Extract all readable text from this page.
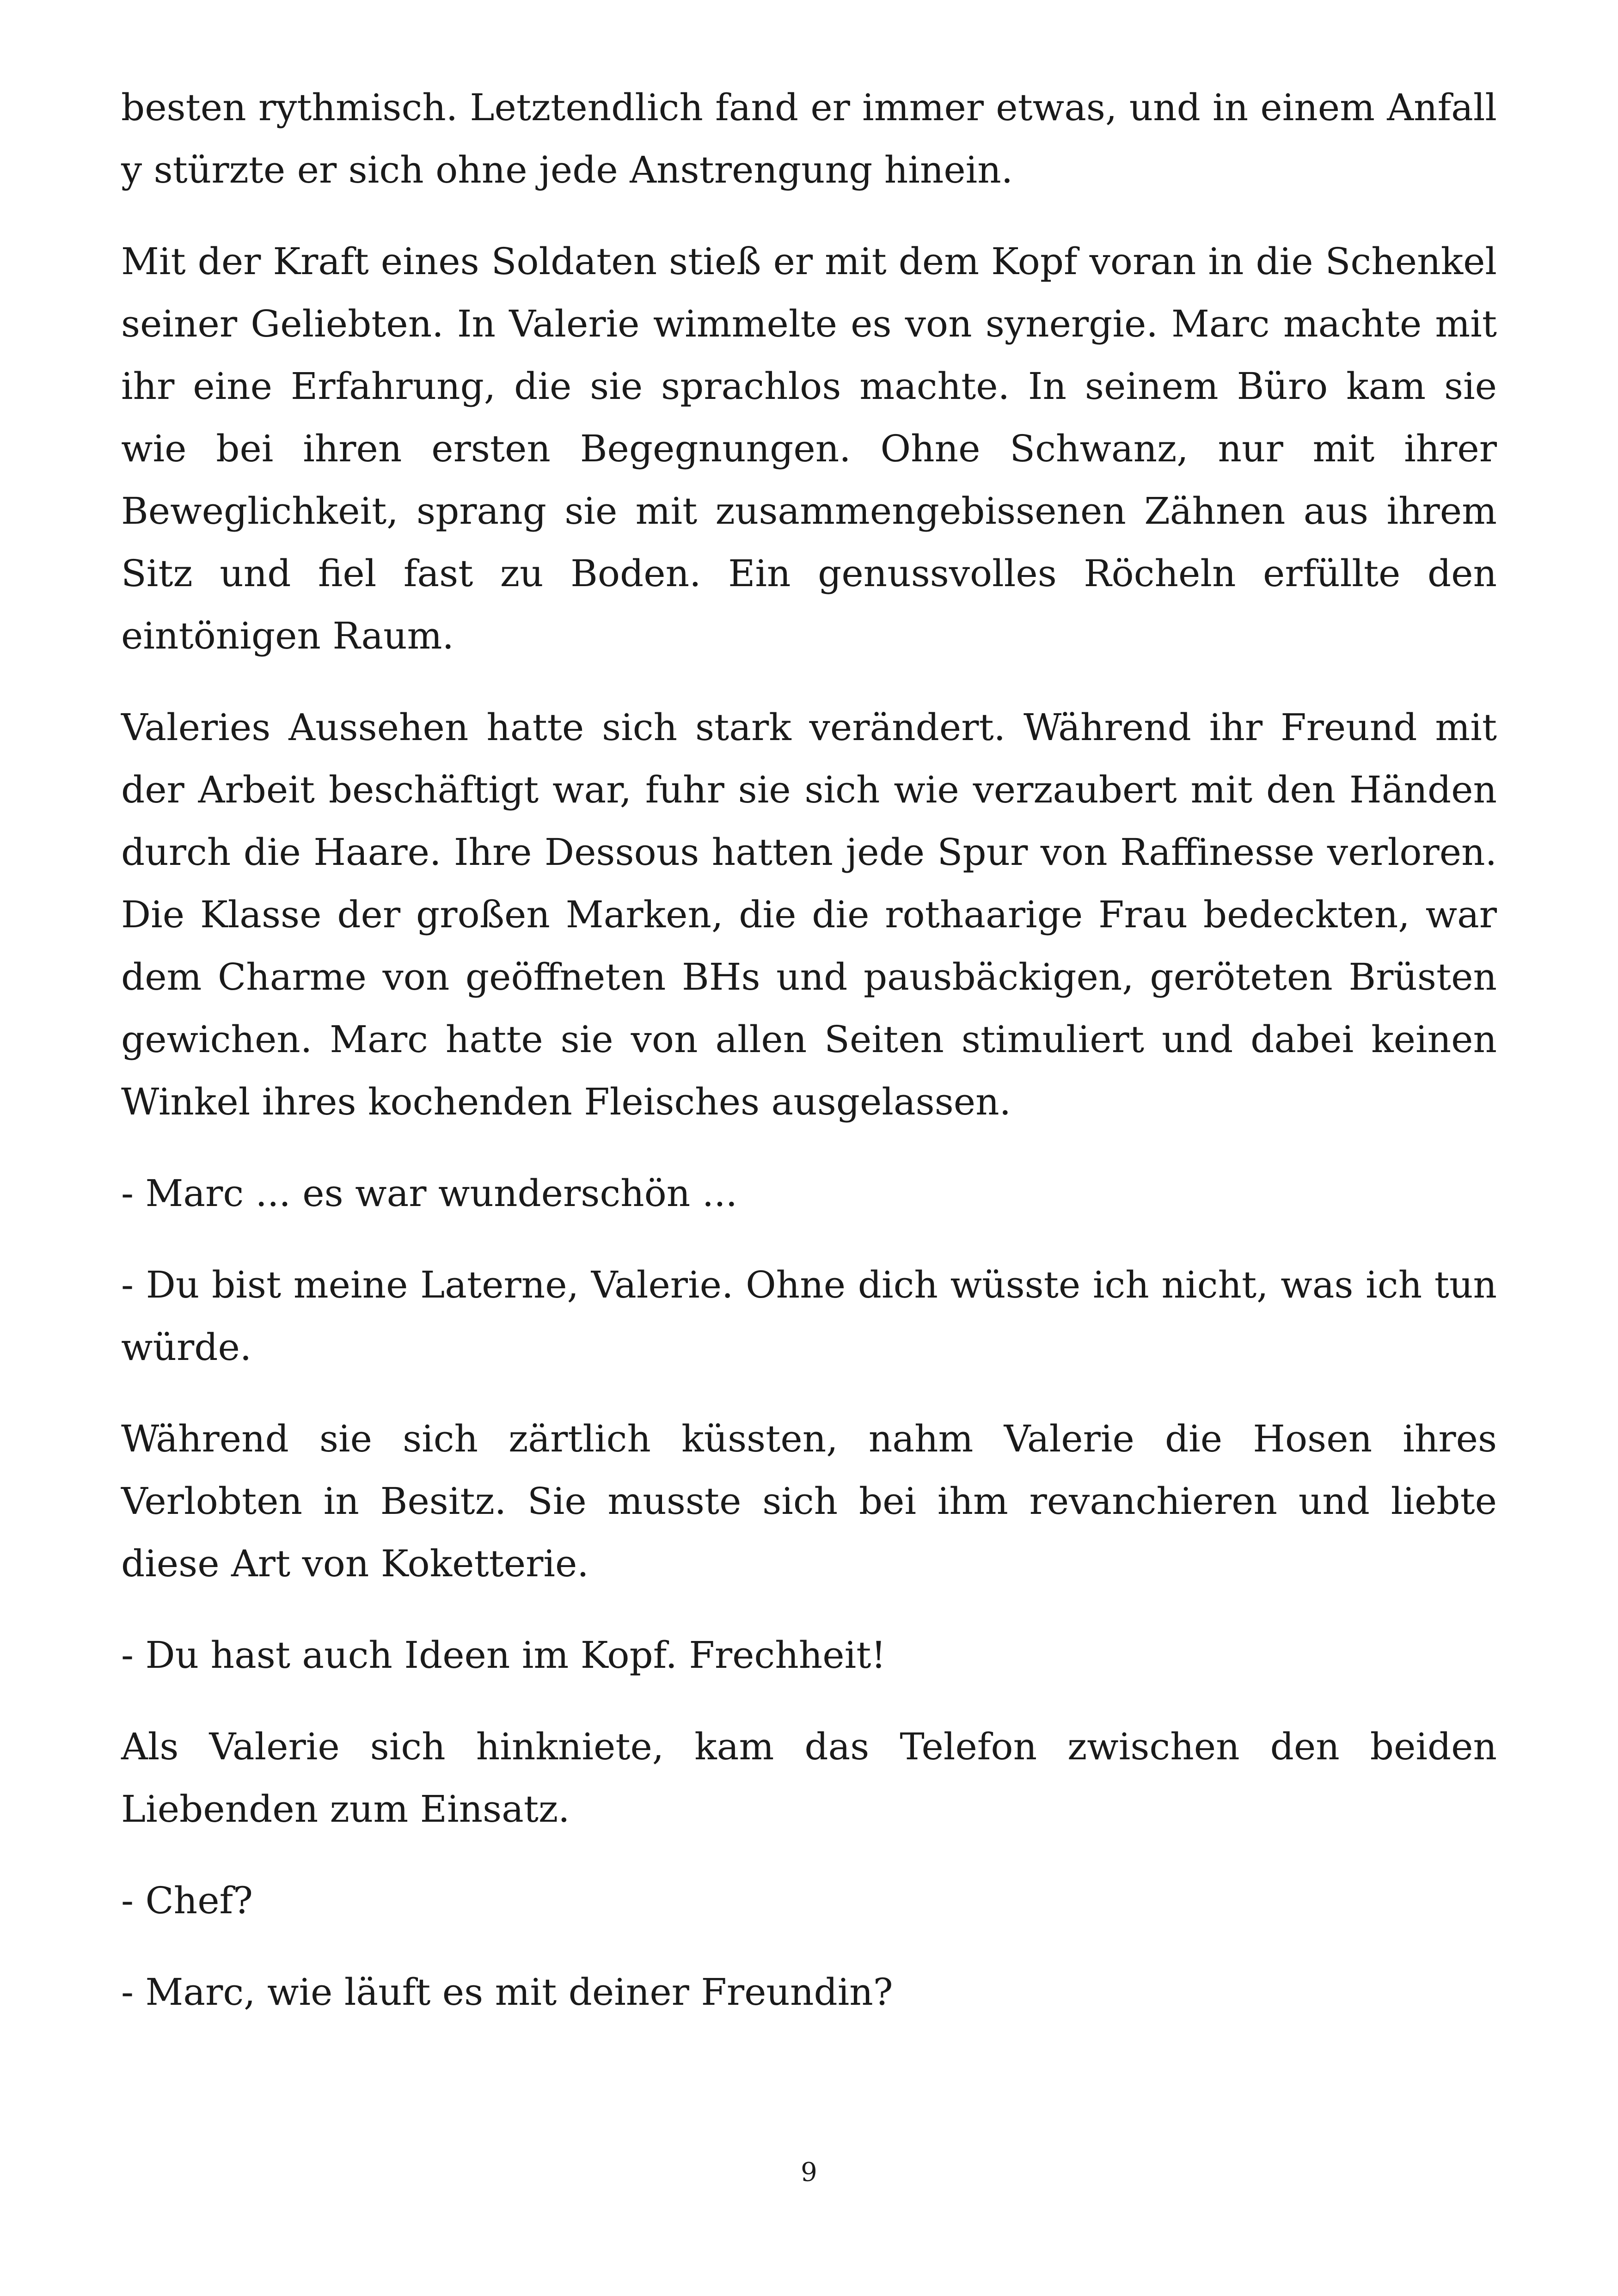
besten rythmisch. Letztendlich fand er immer etwas, und in einem Anfall y stürzte er sich ohne jede Anstrengung hinein.

Mit der Kraft eines Soldaten stieß er mit dem Kopf voran in die Schenkel seiner Geliebten. In Valerie wimmelte es von synergie. Marc machte mit ihr eine Erfahrung, die sie sprachlos machte. In seinem Büro kam sie wie bei ihren ersten Begegnungen. Ohne Schwanz, nur mit ihrer Beweglichkeit, sprang sie mit zusammengebissenen Zähnen aus ihrem Sitz und fiel fast zu Boden. Ein genussvolles Röcheln erfüllte den eintönigen Raum.

Valeries Aussehen hatte sich stark verändert. Während ihr Freund mit der Arbeit beschäftigt war, fuhr sie sich wie verzaubert mit den Händen durch die Haare. Ihre Dessous hatten jede Spur von Raffinesse verloren. Die Klasse der großen Marken, die die rothaarige Frau bedeckten, war dem Charme von geöffneten BHs und pausbäckigen, geröteten Brüsten gewichen. Marc hatte sie von allen Seiten stimuliert und dabei keinen Winkel ihres kochenden Fleisches ausgelassen.

- Marc ... es war wunderschön ...

- Du bist meine Laterne, Valerie. Ohne dich wüsste ich nicht, was ich tun würde.

Während sie sich zärtlich küssten, nahm Valerie die Hosen ihres Verlobten in Besitz. Sie musste sich bei ihm revanchieren und liebte diese Art von Koketterie.

- Du hast auch Ideen im Kopf. Frechheit!

Als Valerie sich hinkniete, kam das Telefon zwischen den beiden Liebenden zum Einsatz.

- Chef?

- Marc, wie läuft es mit deiner Freundin?

9
